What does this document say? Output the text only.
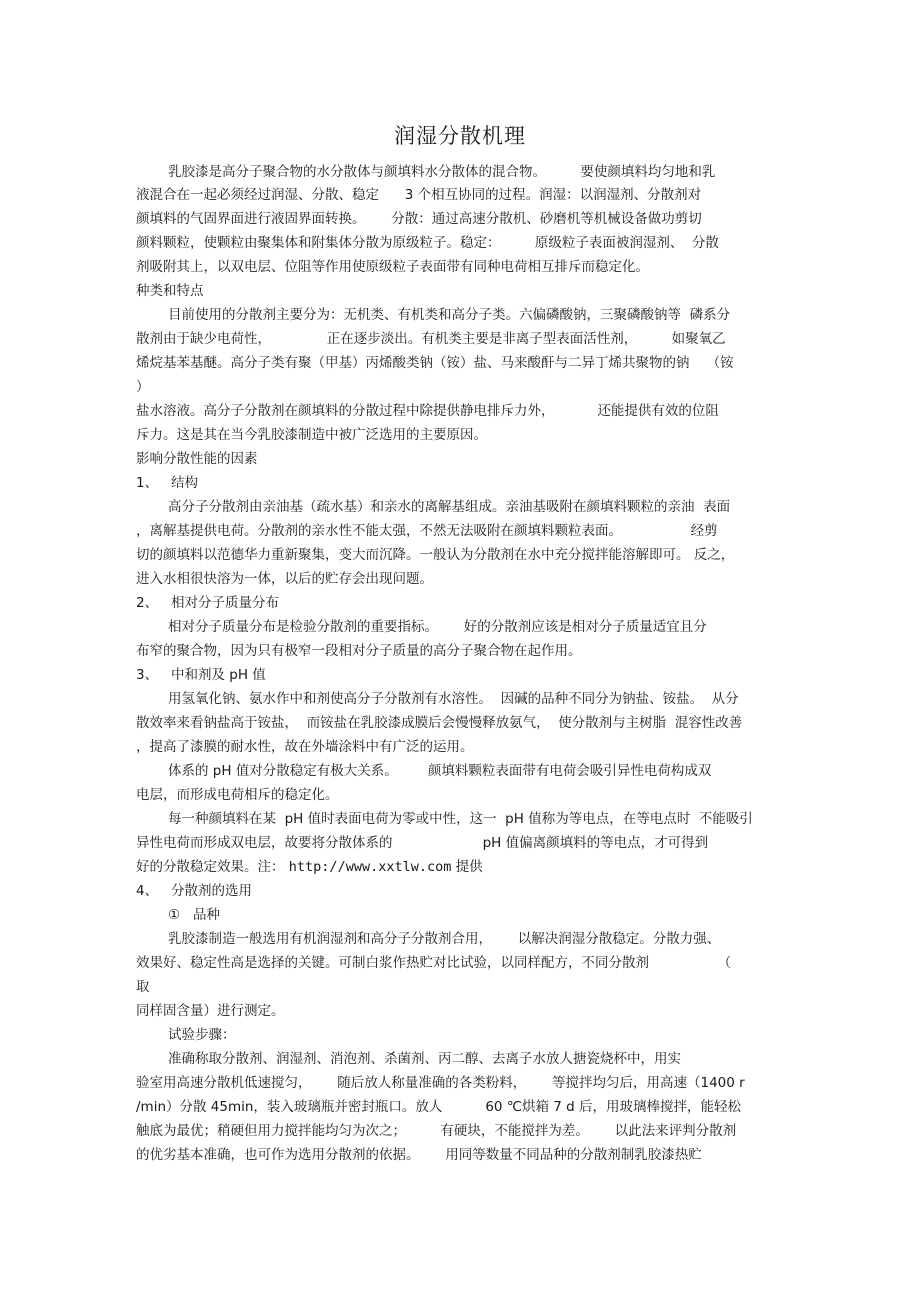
润湿分散机理
乳胶漆是高分子聚合物的水分散体与颜填料水分散体的混合物。        要使颜填料均匀地和乳
液混合在一起必须经过润湿、分散、稳定      3 个相互协同的过程。润湿：以润湿剂、分散剂对
颜填料的气固界面进行液固界面转换。      分散：通过高速分散机、砂磨机等机械设备做功剪切
颜料颗粒，使颗粒由聚集体和附集体分散为原级粒子。稳定：        原级粒子表面被润湿剂、  分散
剂吸附其上，以双电层、位阻等作用使原级粒子表面带有同种电荷相互排斥而稳定化。
种类和特点
目前使用的分散剂主要分为：无机类、有机类和高分子类。六偏磷酸钠，三聚磷酸钠等  磷系分
散剂由于缺少电荷性，             正在逐步淡出。有机类主要是非离子型表面活性剂，        如聚氧乙
烯烷基苯基醚。高分子类有聚（甲基）丙烯酸类钠（铵）盐、马来酸酐与二异丁烯共聚物的钠    （铵
）
盐水溶液。高分子分散剂在颜填料的分散过程中除提供静电排斥力外，          还能提供有效的位阻
斥力。这是其在当今乳胶漆制造中被广泛选用的主要原因。
影响分散性能的因素
1、   结构
高分子分散剂由亲油基（疏水基）和亲水的离解基组成。亲油基吸附在颜填料颗粒的亲油  表面
，离解基提供电荷。分散剂的亲水性不能太强，不然无法吸附在颜填料颗粒表面。                经剪
切的颜填料以范德华力重新聚集，变大而沉降。一般认为分散剂在水中充分搅拌能溶解即可。 反之，
进入水相很快溶为一体，以后的贮存会出现问题。
2、   相对分子质量分布
相对分子质量分布是检验分散剂的重要指标。      好的分散剂应该是相对分子质量适宜且分
布窄的聚合物，因为只有极窄一段相对分子质量的高分子聚合物在起作用。
3、   中和剂及 pH 值
用氢氧化钠、氨水作中和剂使高分子分散剂有水溶性。  因碱的品种不同分为钠盐、铵盐。  从分
散效率来看钠盐高于铵盐，  而铵盐在乳胶漆成膜后会慢慢释放氨气，  使分散剂与主树脂  混容性改善
，提高了漆膜的耐水性，故在外墙涂料中有广泛的运用。
体系的 pH 值对分散稳定有极大关系。       颜填料颗粒表面带有电荷会吸引异性电荷构成双
电层，而形成电荷相斥的稳定化。
每一种颜填料在某  pH 值时表面电荷为零或中性，这一  pH 值称为等电点，在等电点时  不能吸引
异性电荷而形成双电层，故要将分散体系的                     pH 值偏离颜填料的等电点，才可得到
好的分散稳定效果。注： http://www.xxtlw.com 提供
4、   分散剂的选用
①   品种
乳胶漆制造一般选用有机润湿剂和高分子分散剂合用，      以解决润湿分散稳定。分散力强、
效果好、稳定性高是选择的关键。可制白浆作热贮对比试验，以同样配方，不同分散剂                （
取
同样固含量）进行测定。
试验步骤：
准确称取分散剂、润湿剂、消泡剂、杀菌剂、丙二醇、去离子水放人搪瓷烧杯中，用实
验室用高速分散机低速搅匀，      随后放人称量准确的各类粉料，      等搅拌均匀后，用高速（1400 r
/min）分散 45min，装入玻璃瓶并密封瓶口。放人          60 ℃烘箱 7 d 后，用玻璃棒搅拌，能轻松
触底为最优；稍硬但用力搅拌能均匀为次之；        有硬块，不能搅拌为差。      以此法来评判分散剂
的优劣基本准确，也可作为选用分散剂的依据。      用同等数量不同品种的分散剂制乳胶漆热贮
